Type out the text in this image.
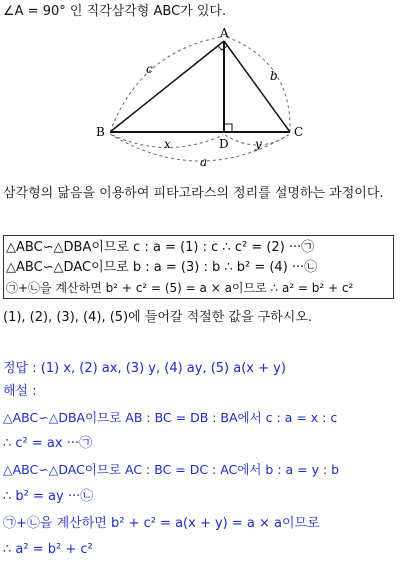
∠A = 90° 인 직각삼각형 ABC가 있다.
A
B	C
D
c	b
x	y
a
삼각형의 닮음을 이용하여 피타고라스의 정리를 설명하는 과정이다.
△ABC∽△DBA이므로 c : a = (1) : c ∴ c² = (2) ···㉠
△ABC∽△DAC이므로 b : a = (3) : b ∴ b² = (4) ···㉡
㉠+㉡을 계산하면 b² + c² = (5) = a × a이므로 ∴ a² = b² + c²
(1), (2), (3), (4), (5)에 들어갈 적절한 값을 구하시오.
정답 : (1) x, (2) ax, (3) y, (4) ay, (5) a(x + y)
해설 :
△ABC∽△DBA이므로 AB : BC = DB : BA에서 c : a = x : c
∴ c² = ax ···㉠
△ABC∽△DAC이므로 AC : BC = DC : AC에서 b : a = y : b
∴ b² = ay ···㉡
㉠+㉡을 계산하면 b² + c² = a(x + y) = a × a이므로
∴ a² = b² + c²
